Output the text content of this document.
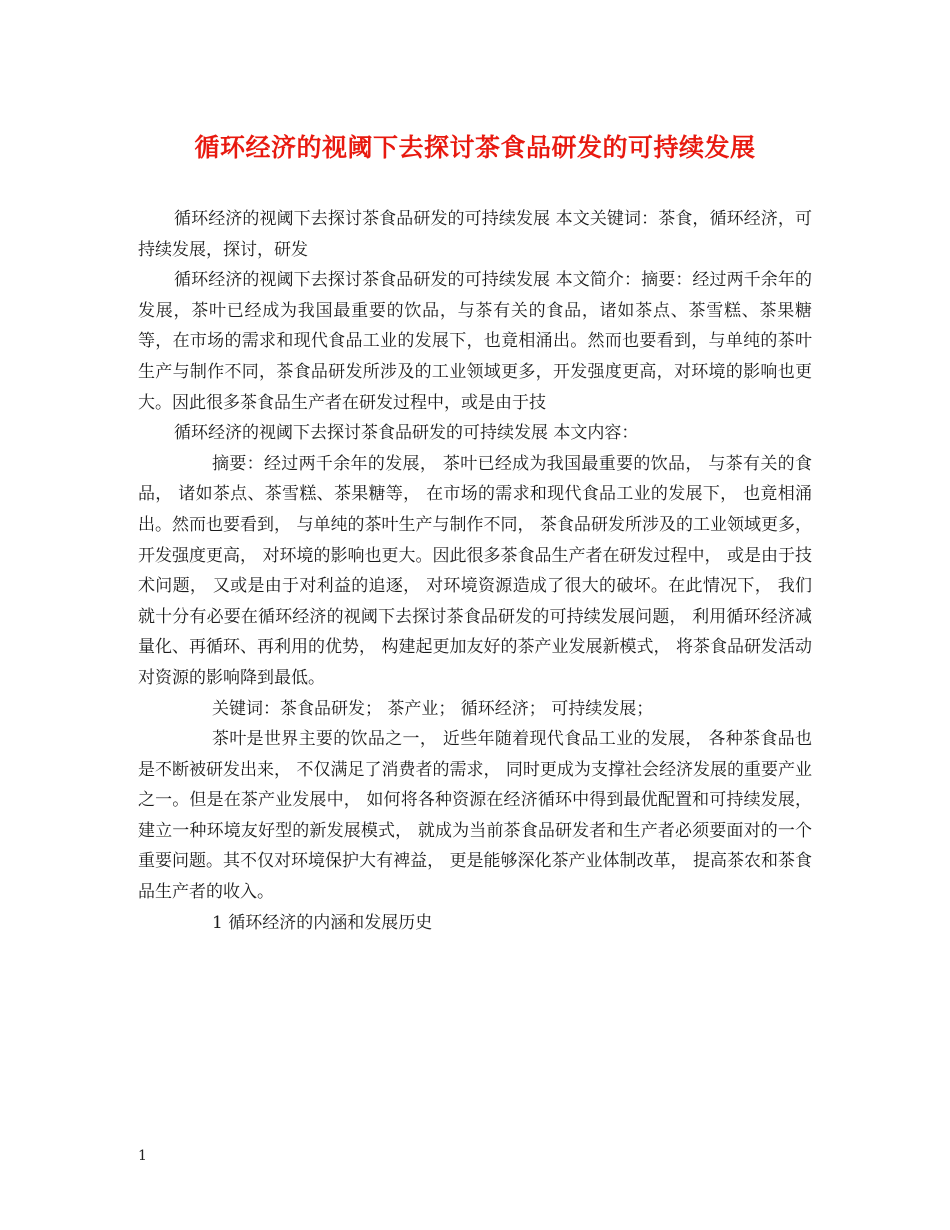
循环经济的视阈下去探讨茶食品研发的可持续发展

循环经济的视阈下去探讨茶食品研发的可持续发展 本文关键词：茶食，循环经济，可持续发展，探讨，研发

循环经济的视阈下去探讨茶食品研发的可持续发展 本文简介：摘要：经过两千余年的发展，茶叶已经成为我国最重要的饮品，与茶有关的食品，诸如茶点、茶雪糕、茶果糖等，在市场的需求和现代食品工业的发展下，也竟相涌出。然而也要看到，与单纯的茶叶生产与制作不同，茶食品研发所涉及的工业领域更多，开发强度更高，对环境的影响也更大。因此很多茶食品生产者在研发过程中，或是由于技

循环经济的视阈下去探讨茶食品研发的可持续发展 本文内容：

摘要：经过两千余年的发展， 茶叶已经成为我国最重要的饮品， 与茶有关的食品， 诸如茶点、茶雪糕、茶果糖等， 在市场的需求和现代食品工业的发展下， 也竟相涌出。然而也要看到， 与单纯的茶叶生产与制作不同， 茶食品研发所涉及的工业领域更多， 开发强度更高， 对环境的影响也更大。因此很多茶食品生产者在研发过程中， 或是由于技术问题， 又或是由于对利益的追逐， 对环境资源造成了很大的破坏。在此情况下， 我们就十分有必要在循环经济的视阈下去探讨茶食品研发的可持续发展问题， 利用循环经济减量化、再循环、再利用的优势， 构建起更加友好的茶产业发展新模式， 将茶食品研发活动对资源的影响降到最低。

关键词：茶食品研发； 茶产业； 循环经济； 可持续发展；

茶叶是世界主要的饮品之一， 近些年随着现代食品工业的发展， 各种茶食品也是不断被研发出来， 不仅满足了消费者的需求， 同时更成为支撑社会经济发展的重要产业之一。但是在茶产业发展中， 如何将各种资源在经济循环中得到最优配置和可持续发展， 建立一种环境友好型的新发展模式， 就成为当前茶食品研发者和生产者必须要面对的一个重要问题。其不仅对环境保护大有裨益， 更是能够深化茶产业体制改革， 提高茶农和茶食品生产者的收入。

1 循环经济的内涵和发展历史

1
